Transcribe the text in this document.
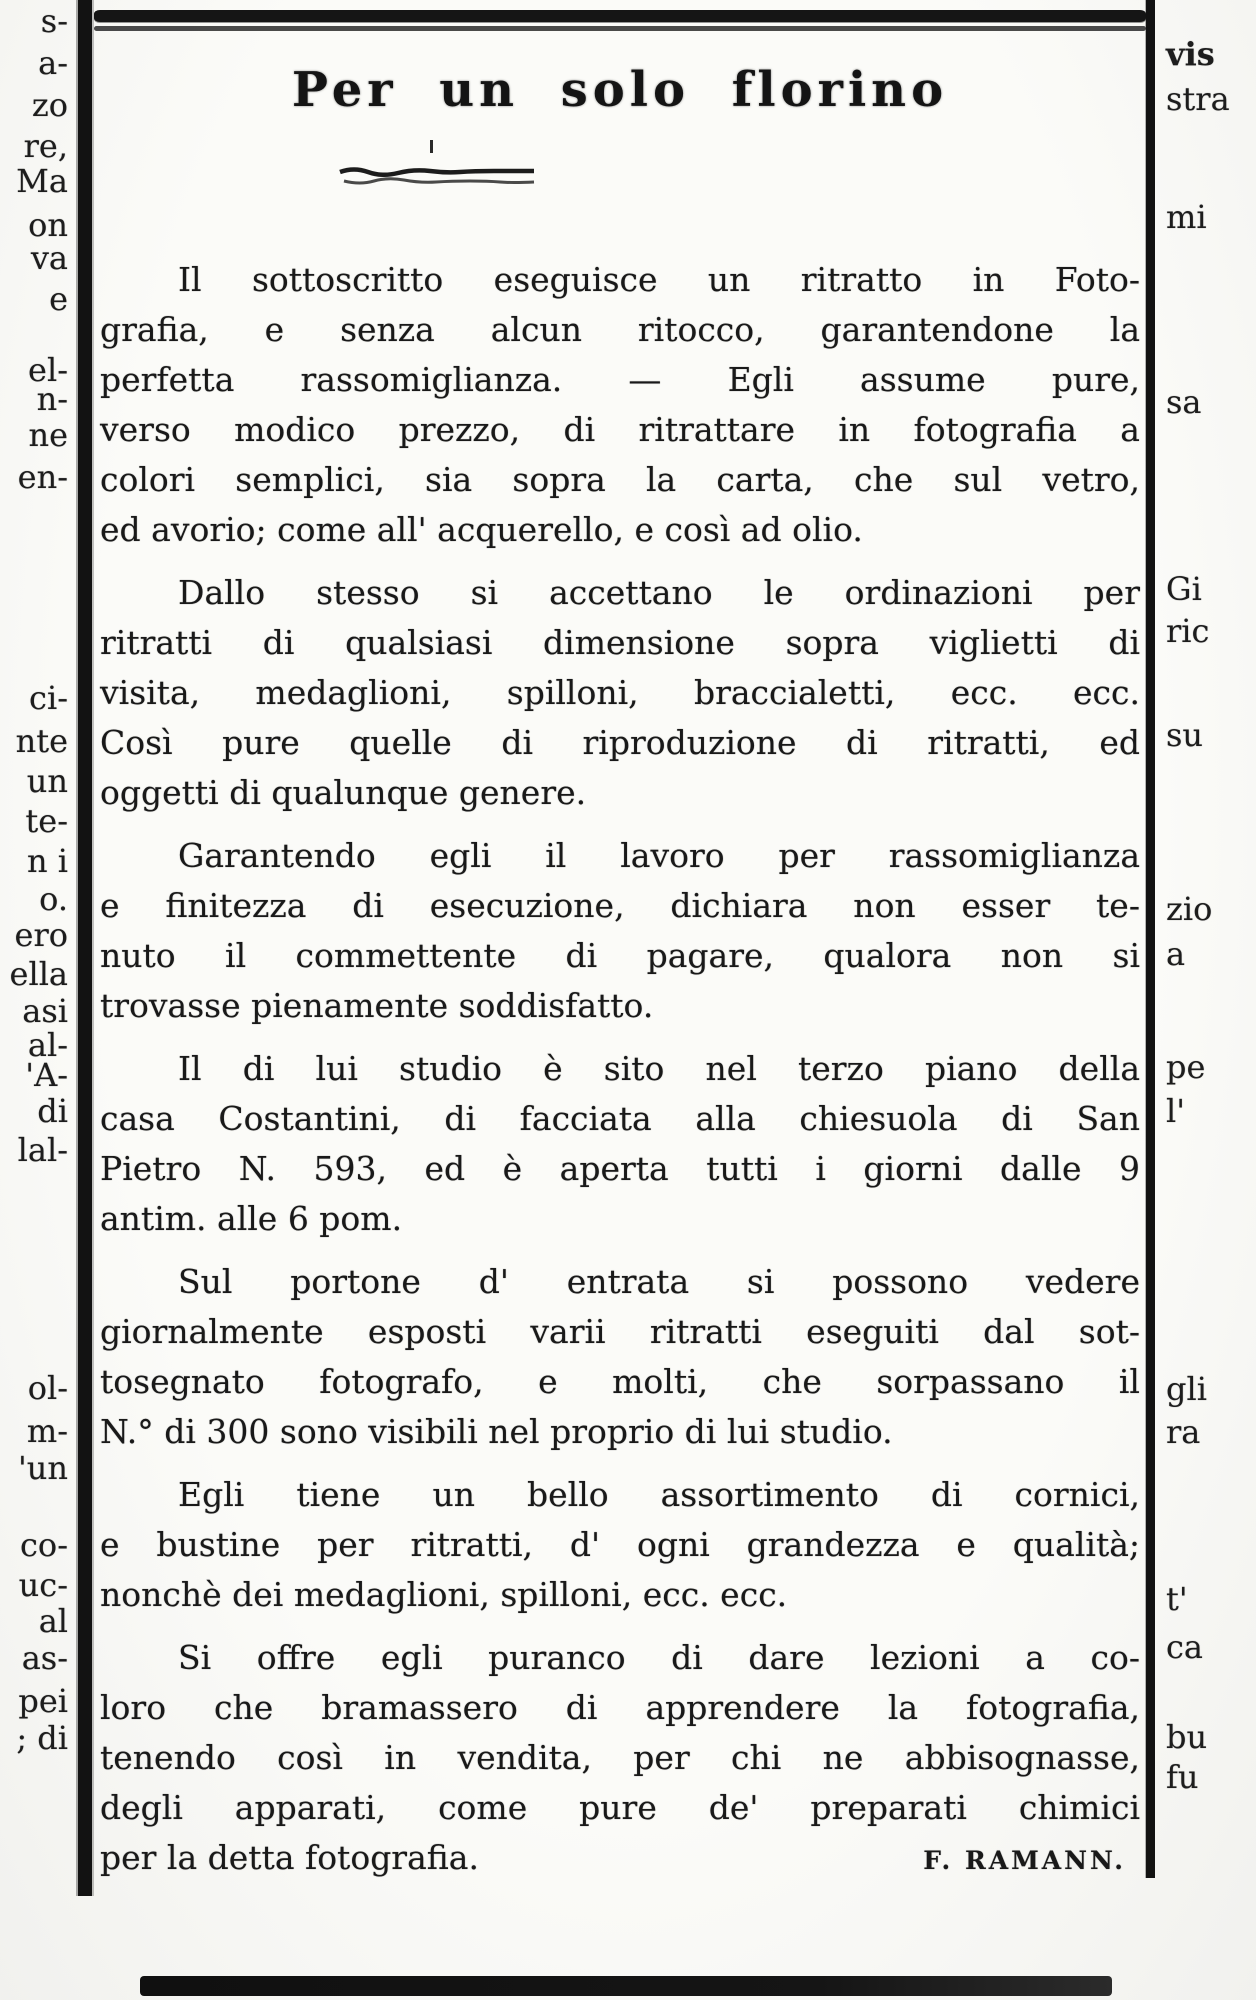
s-
a-
zo
re,
Ma
on
va
e
el-
n-
ne
en-
ci-
nte
un
te-
n i
o.
ero
ella
asi
al-
'A-
di
lal-
ol-
m-
'un
co-
uc-
al
as-
pei
; di
Per un solo florino
Il sottoscritto eseguisce un ritratto in Foto-
grafia, e senza alcun ritocco, garantendone la
perfetta rassomiglianza. — Egli assume pure,
verso modico prezzo, di ritrattare in fotografia a
colori semplici, sia sopra la carta, che sul vetro,
ed avorio; come all' acquerello, e così ad olio.
Dallo stesso si accettano le ordinazioni per
ritratti di qualsiasi dimensione sopra viglietti di
visita, medaglioni, spilloni, braccialetti, ecc. ecc.
Così pure quelle di riproduzione di ritratti, ed
oggetti di qualunque genere.
Garantendo egli il lavoro per rassomiglianza
e finitezza di esecuzione, dichiara non esser te-
nuto il commettente di pagare, qualora non si
trovasse pienamente soddisfatto.
Il di lui studio è sito nel terzo piano della
casa Costantini, di facciata alla chiesuola di San
Pietro N. 593, ed è aperta tutti i giorni dalle 9
antim. alle 6 pom.
Sul portone d' entrata si possono vedere
giornalmente esposti varii ritratti eseguiti dal sot-
tosegnato fotografo, e molti, che sorpassano il
N.° di 300 sono visibili nel proprio di lui studio.
Egli tiene un bello assortimento di cornici,
e bustine per ritratti, d' ogni grandezza e qualità;
nonchè dei medaglioni, spilloni, ecc. ecc.
Si offre egli puranco di dare lezioni a co-
loro che bramassero di apprendere la fotografia,
tenendo così in vendita, per chi ne abbisognasse,
degli apparati, come pure de' preparati chimici
per la detta fotografia.	F. RAMANN.
vis
stra
mi
sa
Gi
ric
su
zio
a
pe
l'
gli
ra
t'
ca
bu
fu
